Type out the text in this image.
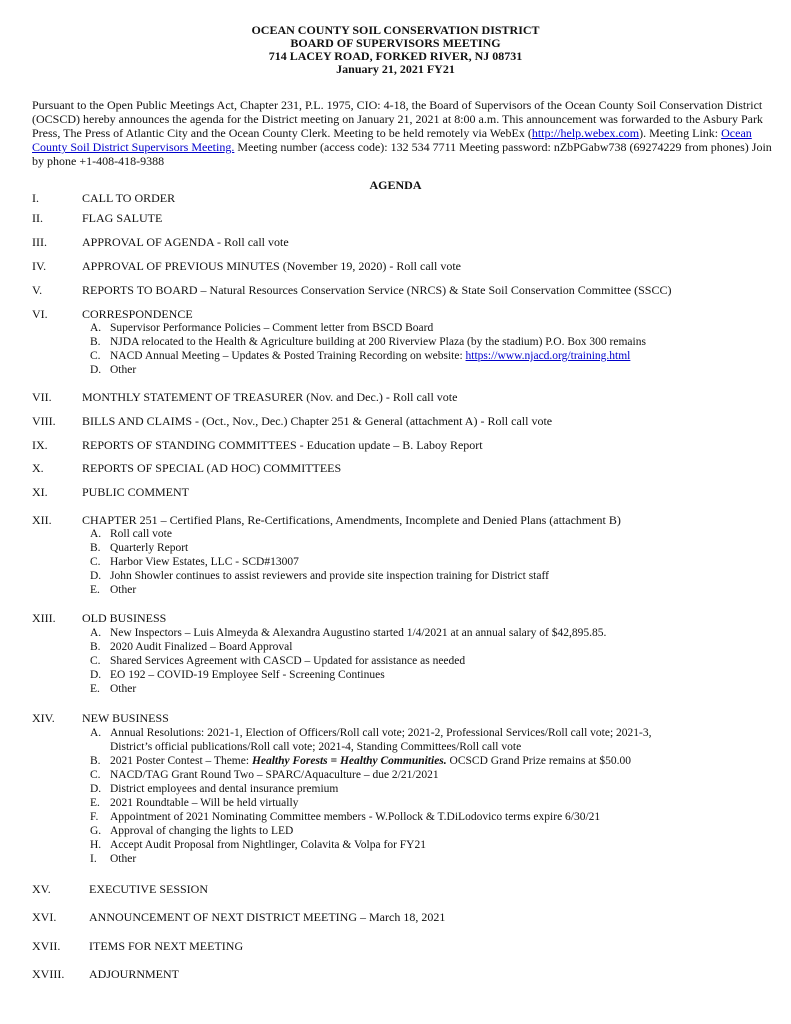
OCEAN COUNTY SOIL CONSERVATION DISTRICT
BOARD OF SUPERVISORS MEETING
714 LACEY ROAD, FORKED RIVER, NJ 08731
January 21, 2021 FY21
Pursuant to the Open Public Meetings Act, Chapter 231, P.L. 1975, CIO: 4-18, the Board of Supervisors of the Ocean County Soil Conservation District (OCSCD) hereby announces the agenda for the District meeting on January 21, 2021 at 8:00 a.m. This announcement was forwarded to the Asbury Park Press, The Press of Atlantic City and the Ocean County Clerk. Meeting to be held remotely via WebEx (http://help.webex.com). Meeting Link: Ocean County Soil District Supervisors Meeting. Meeting number (access code): 132 534 7711 Meeting password: nZbPGabw738 (69274229 from phones) Join by phone +1-408-418-9388
AGENDA
I.	CALL TO ORDER
II.	FLAG SALUTE
III.	APPROVAL OF AGENDA - Roll call vote
IV.	APPROVAL OF PREVIOUS MINUTES (November 19, 2020) - Roll call vote
V.	REPORTS TO BOARD – Natural Resources Conservation Service (NRCS) & State Soil Conservation Committee (SSCC)
VI.	CORRESPONDENCE
A. Supervisor Performance Policies – Comment letter from BSCD Board
B. NJDA relocated to the Health & Agriculture building at 200 Riverview Plaza (by the stadium) P.O. Box 300 remains
C. NACD Annual Meeting – Updates & Posted Training Recording on website: https://www.njacd.org/training.html
D. Other
VII.	MONTHLY STATEMENT OF TREASURER (Nov. and Dec.) - Roll call vote
VIII. BILLS AND CLAIMS - (Oct., Nov., Dec.) Chapter 251 & General (attachment A) - Roll call vote
IX.	REPORTS OF STANDING COMMITTEES - Education update – B. Laboy Report
X.	REPORTS OF SPECIAL (AD HOC) COMMITTEES
XI.	PUBLIC COMMENT
XII.	CHAPTER 251 – Certified Plans, Re-Certifications, Amendments, Incomplete and Denied Plans (attachment B)
A. Roll call vote
B. Quarterly Report
C. Harbor View Estates, LLC - SCD#13007
D. John Showler continues to assist reviewers and provide site inspection training for District staff
E. Other
XIII. OLD BUSINESS
A. New Inspectors – Luis Almeyda & Alexandra Augustino started 1/4/2021 at an annual salary of $42,895.85.
B. 2020 Audit Finalized – Board Approval
C. Shared Services Agreement with CASCD – Updated for assistance as needed
D. EO 192 – COVID-19 Employee Self - Screening Continues
E. Other
XIV. NEW BUSINESS
A. Annual Resolutions: 2021-1, Election of Officers/Roll call vote; 2021-2, Professional Services/Roll call vote; 2021-3,
District’s official publications/Roll call vote; 2021-4, Standing Committees/Roll call vote
B. 2021 Poster Contest – Theme: Healthy Forests = Healthy Communities. OCSCD Grand Prize remains at $50.00
C. NACD/TAG Grant Round Two – SPARC/Aquaculture – due 2/21/2021
D. District employees and dental insurance premium
E. 2021 Roundtable – Will be held virtually
F. Appointment of 2021 Nominating Committee members - W.Pollock & T.DiLodovico terms expire 6/30/21
G. Approval of changing the lights to LED
H. Accept Audit Proposal from Nightlinger, Colavita & Volpa for FY21
I. Other
XV.	EXECUTIVE SESSION
XVI.	ANNOUNCEMENT OF NEXT DISTRICT MEETING – March 18, 2021
XVII. ITEMS FOR NEXT MEETING
XVIII. ADJOURNMENT
